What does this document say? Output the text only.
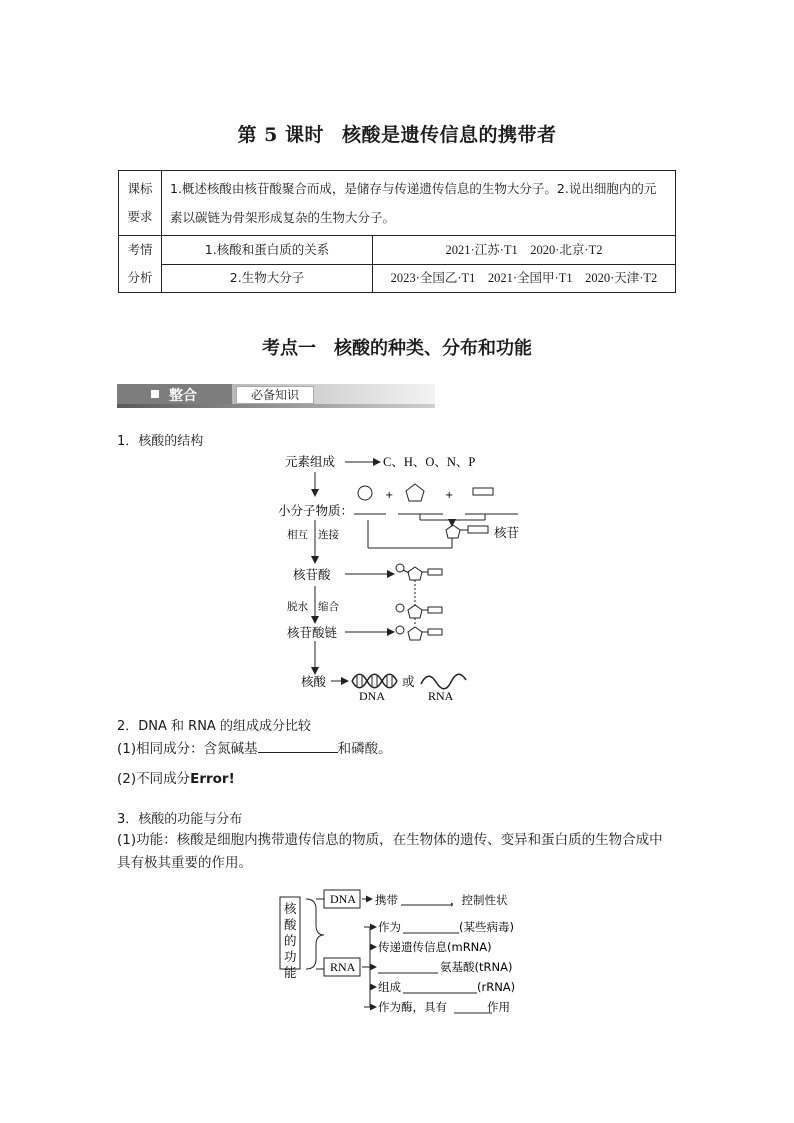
第 5 课时 核酸是遗传信息的携带者
课标
要求	1.概述核酸由核苷酸聚合而成，是储存与传递遗传信息的生物大分子。2.说出细胞内的元素以碳链为骨架形成复杂的生物大分子。	

考情
分析	1.核酸和蛋白质的关系	2021·江苏·T1　2020·北京·T2
	2.生物大分子	2023·全国乙·T1　2021·全国甲·T1　2020·天津·T2
考点一　核酸的种类、分布和功能
整合	必备知识
1．核酸的结构
元素组成	C、H、O、N、P
+	+
小分子物质：
核苷
相互 连接
核苷酸
脱水 缩合
核苷酸链
核酸
DNA
或
RNA
2．DNA 和 RNA 的组成成分比较
(1)相同成分：含氮碱基	和磷酸。
(2)不同成分Error!
3．核酸的功能与分布
(1)功能：核酸是细胞内携带遗传信息的物质，在生物体的遗传、变异和蛋白质的生物合成中
具有极其重要的作用。
核酸的功
能
DNA 携带	，控制性状
RNA
作为	(某些病毒)
传递遗传信息(mRNA)
氨基酸(tRNA)
组成	(rRNA)
作为酶，具有	作用
